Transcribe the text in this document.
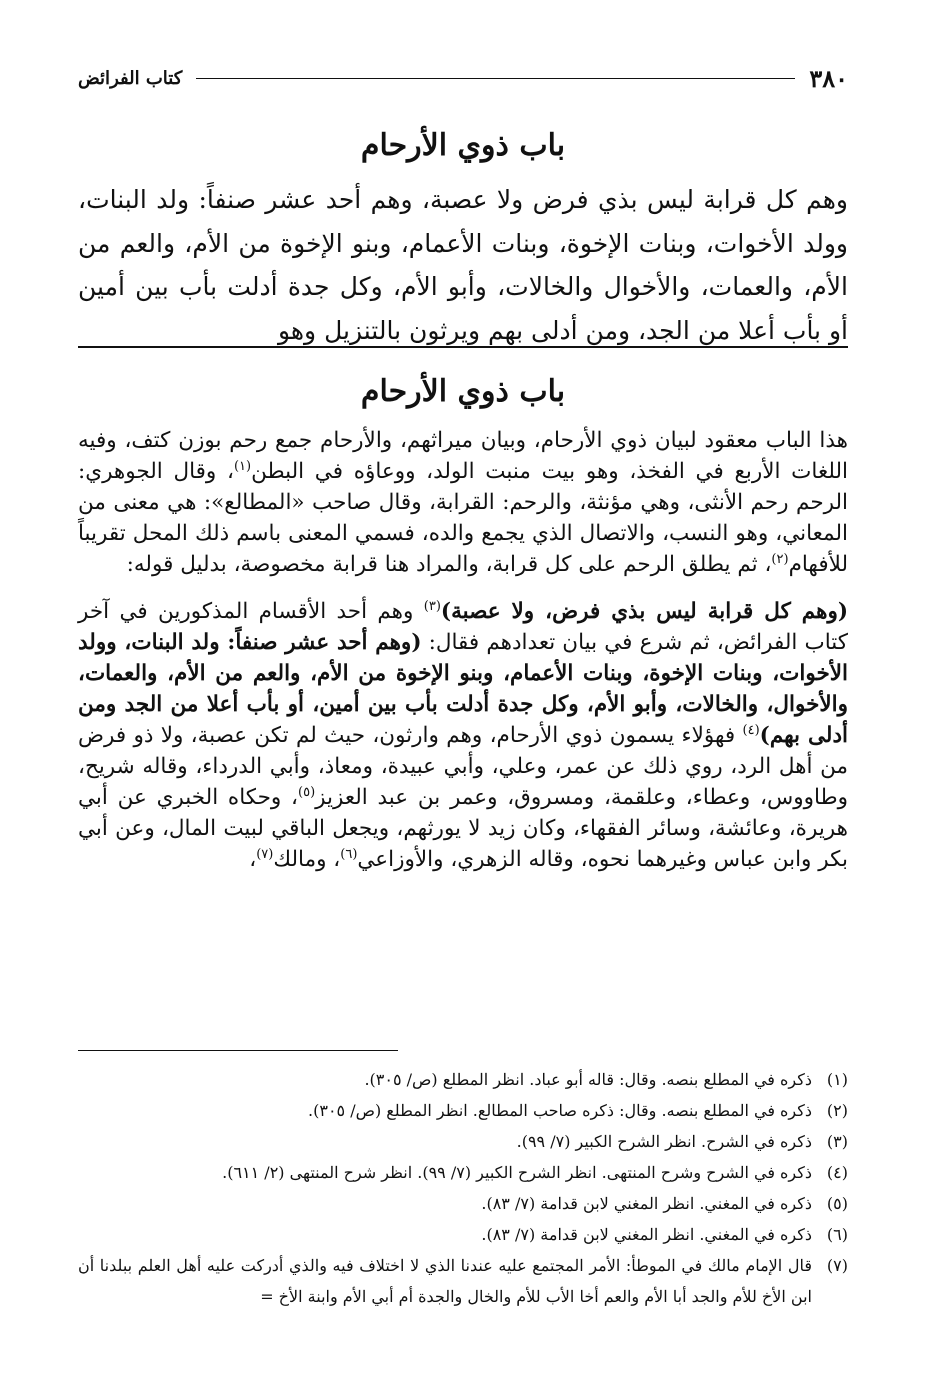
٣٨٠
كتاب الفرائض
باب ذوي الأرحام
وهم كل قرابة ليس بذي فرض ولا عصبة، وهم أحد عشر صنفاً: ولد البنات، وولد الأخوات، وبنات الإخوة، وبنات الأعمام، وبنو الإخوة من الأم، والعم من الأم، والعمات، والأخوال والخالات، وأبو الأم، وكل جدة أدلت بأب بين أمين أو بأب أعلا من الجد، ومن أدلى بهم ويرثون بالتنزيل وهو
باب ذوي الأرحام

هذا الباب معقود لبيان ذوي الأرحام، وبيان ميراثهم، والأرحام جمع رحم بوزن كتف، وفيه اللغات الأربع في الفخذ، وهو بيت منبت الولد، ووعاؤه في البطن$^{(١)}$، وقال الجوهري: الرحم رحم الأنثى، وهي مؤنثة، والرحم: القرابة، وقال صاحب «المطالع»: هي معنى من المعاني، وهو النسب، والاتصال الذي يجمع والده، فسمي المعنى باسم ذلك المحل تقريباً للأفهام$^{(٢)}$، ثم يطلق الرحم على كل قرابة، والمراد هنا قرابة مخصوصة، بدليل قوله:

(وهم كل قرابة ليس بذي فرض، ولا عصبة)$^{(٣)}$ وهم أحد الأقسام المذكورين في آخر كتاب الفرائض، ثم شرع في بيان تعدادهم فقال: (وهم أحد عشر صنفاً: ولد البنات، وولد الأخوات، وبنات الإخوة، وبنات الأعمام، وبنو الإخوة من الأم، والعم من الأم، والعمات، والأخوال، والخالات، وأبو الأم، وكل جدة أدلت بأب بين أمين، أو بأب أعلا من الجد ومن أدلى بهم)$^{(٤)}$ فهؤلاء يسمون ذوي الأرحام، وهم وارثون، حيث لم تكن عصبة، ولا ذو فرض من أهل الرد، روي ذلك عن عمر، وعلي، وأبي عبيدة، ومعاذ، وأبي الدرداء، وقاله شريح، وطاووس، وعطاء، وعلقمة، ومسروق، وعمر بن عبد العزيز$^{(٥)}$، وحكاه الخبري عن أبي هريرة، وعائشة، وسائر الفقهاء، وكان زيد لا يورثهم، ويجعل الباقي لبيت المال، وعن أبي بكر وابن عباس وغيرهما نحوه، وقاله الزهري، والأوزاعي$^{(٦)}$، ومالك$^{(٧)}$،

(١)
ذكره في المطلع بنصه. وقال: قاله أبو عباد. انظر المطلع (ص/ ٣٠٥).
(٢)
ذكره في المطلع بنصه. وقال: ذكره صاحب المطالع. انظر المطلع (ص/ ٣٠٥).
(٣)
ذكره في الشرح. انظر الشرح الكبير (٧/ ٩٩).
(٤)
ذكره في الشرح وشرح المنتهى. انظر الشرح الكبير (٧/ ٩٩). انظر شرح المنتهى (٢/ ٦١١).
(٥)
ذكره في المغني. انظر المغني لابن قدامة (٧/ ٨٣).
(٦)
ذكره في المغني. انظر المغني لابن قدامة (٧/ ٨٣).
(٧)
قال الإمام مالك في الموطأ: الأمر المجتمع عليه عندنا الذي لا اختلاف فيه والذي أدركت عليه أهل العلم ببلدنا أن ابن الأخ للأم والجد أبا الأم والعم أخا الأب للأم والخال والجدة أم أبي الأم وابنة الأخ =
